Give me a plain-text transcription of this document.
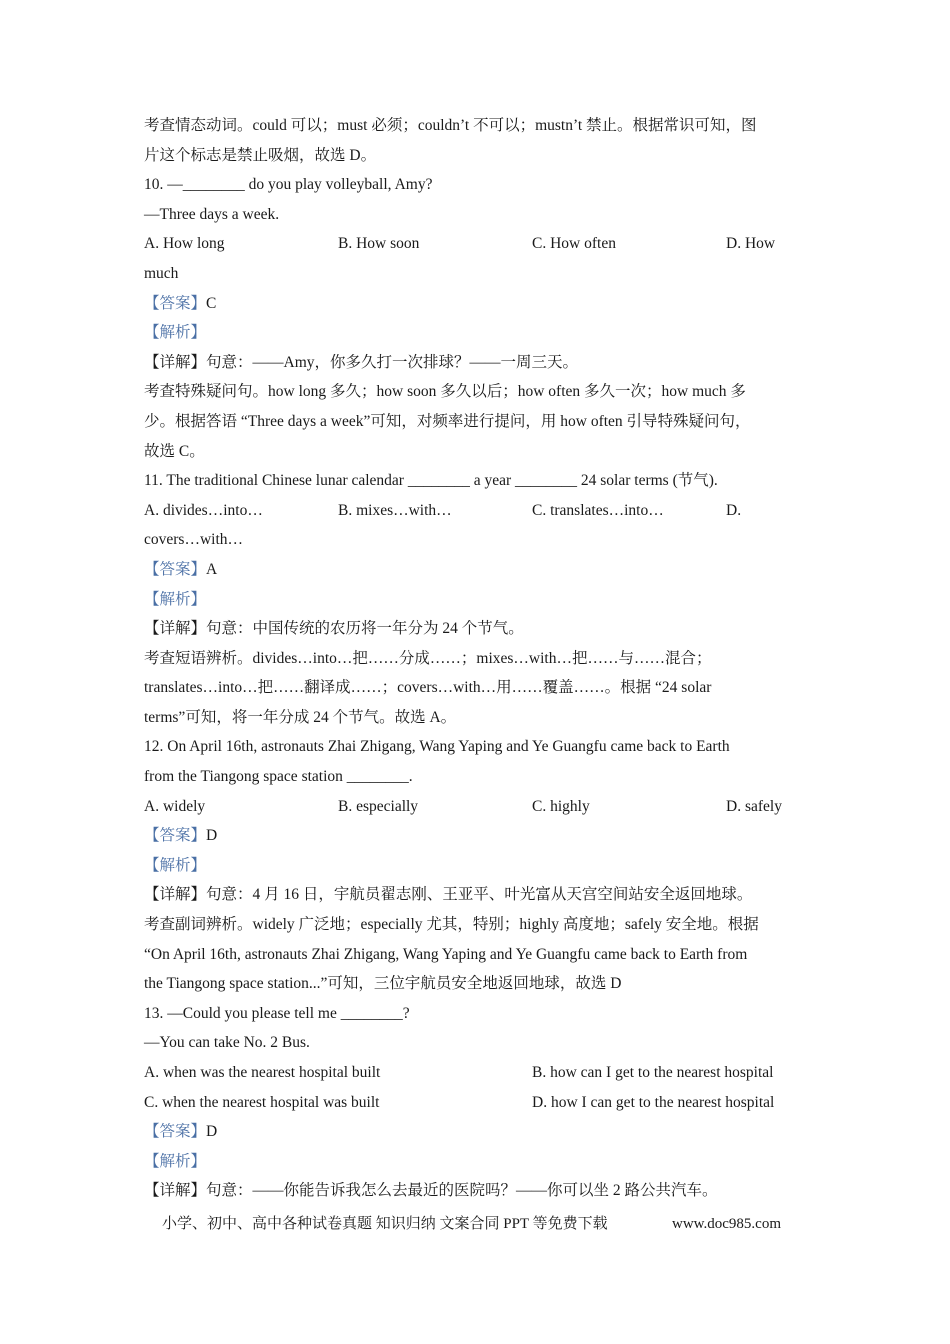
考查情态动词。could 可以；must 必须；couldn’t 不可以；mustn’t 禁止。根据常识可知，图
片这个标志是禁止吸烟，故选 D。
10. —________ do you play volleyball, Amy?
—Three days a week.
A. How long	B. How soon	C. How often	D. How
much
【答案】C
【解析】
【详解】句意：——Amy，你多久打一次排球？——一周三天。
考查特殊疑问句。how long 多久；how soon 多久以后；how often 多久一次；how much 多
少。根据答语 “Three days a week”可知，对频率进行提问，用 how often 引导特殊疑问句，
故选 C。
11. The traditional Chinese lunar calendar ________ a year ________ 24 solar terms (节气).
A. divides…into…	B. mixes…with…	C. translates…into…	D.
covers…with…
【答案】A
【解析】
【详解】句意：中国传统的农历将一年分为 24 个节气。
考查短语辨析。divides…into…把……分成……；mixes…with…把……与……混合；
translates…into…把……翻译成……；covers…with…用……覆盖……。根据 “24 solar
terms”可知，将一年分成 24 个节气。故选 A。
12. On April 16th, astronauts Zhai Zhigang, Wang Yaping and Ye Guangfu came back to Earth
from the Tiangong space station ________.
A. widely	B. especially	C. highly	D. safely
【答案】D
【解析】
【详解】句意：4 月 16 日，宇航员翟志刚、王亚平、叶光富从天宫空间站安全返回地球。
考查副词辨析。widely 广泛地；especially 尤其，特别；highly 高度地；safely 安全地。根据
“On April 16th, astronauts Zhai Zhigang, Wang Yaping and Ye Guangfu came back to Earth from
the Tiangong space station...”可知，三位宇航员安全地返回地球，故选 D
13. —Could you please tell me ________?
—You can take No. 2 Bus.
A. when was the nearest hospital built	B. how can I get to the nearest hospital
C. when the nearest hospital was built	D. how I can get to the nearest hospital
【答案】D
【解析】
【详解】句意：——你能告诉我怎么去最近的医院吗？——你可以坐 2 路公共汽车。
小学、初中、高中各种试卷真题 知识归纳 文案合同 PPT 等免费下载	www.doc985.com
